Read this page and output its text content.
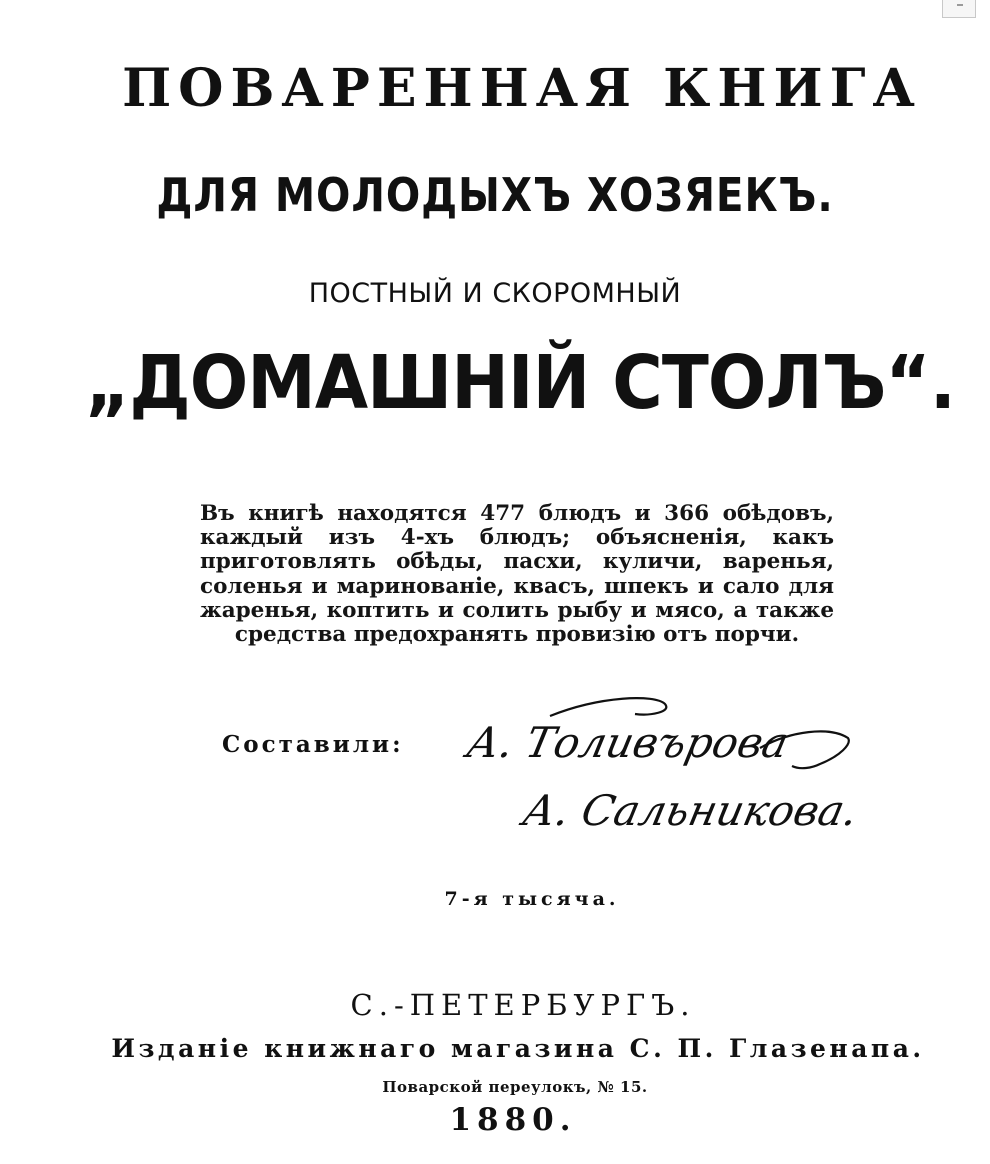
ПОВАРЕННАЯ КНИГА
ДЛЯ МОЛОДЫХЪ ХОЗЯЕКЪ.
ПОСТНЫЙ И СКОРОМНЫЙ
„ДОМАШНІЙ СТОЛЪ“.
Въ книгѣ находятся 477 блюдъ и 366 обѣдовъ, каждый изъ 4-хъ блюдъ; объясненія, какъ приготовлять обѣды, пасхи, куличи, варенья, соленья и маринованіе, квасъ, шпекъ и сало для жаренья, коптить и солить рыбу и мясо, а также средства предохранять провизію отъ порчи.
Составили: А. Толивърова
А. Сальникова.
7-я тысяча.
С.-ПЕТЕРБУРГЪ.
Изданіе книжнаго магазина С. П. Глазенапа.
Поварской переулокъ, № 15.
1880.
